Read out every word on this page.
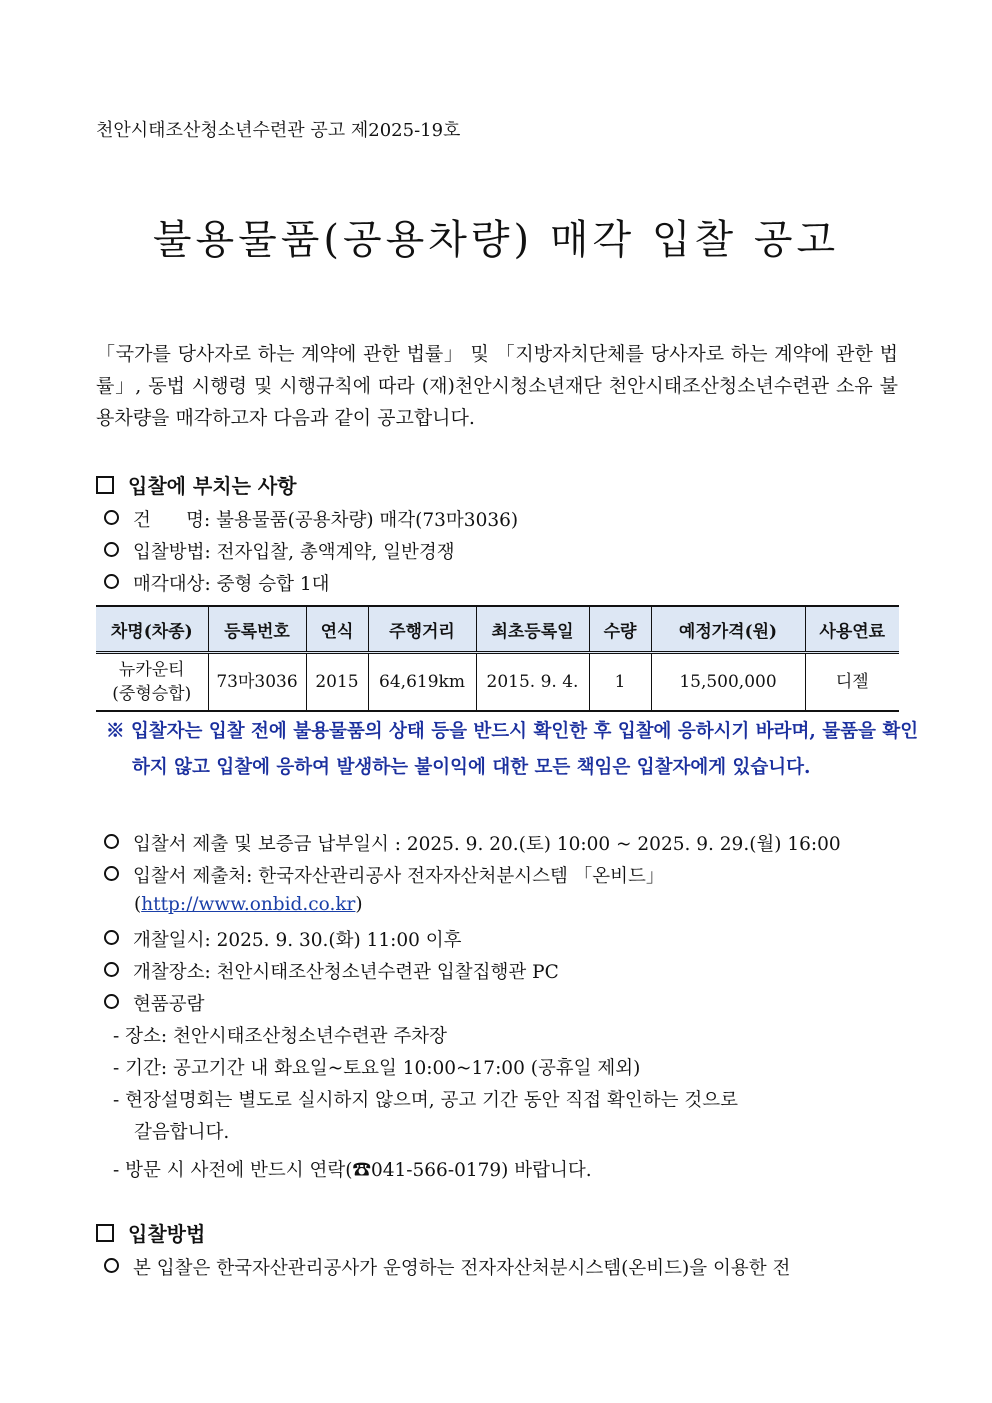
천안시태조산청소년수련관 공고 제2025-19호
불용물품(공용차량) 매각 입찰 공고
「국가를 당사자로 하는 계약에 관한 법률」 및 「지방자치단체를 당사자로 하는 계약에 관한 법률」, 동법 시행령 및 시행규칙에 따라 (재)천안시청소년재단 천안시태조산청소년수련관 소유 불용차량을 매각하고자 다음과 같이 공고합니다.
입찰에 부치는 사항
건      명: 불용물품(공용차량) 매각(73마3036)
입찰방법: 전자입찰, 총액계약, 일반경쟁
매각대상: 중형 승합 1대
차명(차종)	등록번호	연식	주행거리	최초등록일	수량	예정가격(원)	사용연료
뉴카운티
(중형승합)	73마3036	2015	64,619km	2015. 9. 4.	1	15,500,000	디젤
※ 입찰자는 입찰 전에 불용물품의 상태 등을 반드시 확인한 후 입찰에 응하시기 바라며, 물품을 확인하지 않고 입찰에 응하여 발생하는 불이익에 대한 모든 책임은 입찰자에게 있습니다.
입찰서 제출 및 보증금 납부일시 : 2025. 9. 20.(토) 10:00 ~ 2025. 9. 29.(월) 16:00
입찰서 제출처: 한국자산관리공사 전자자산처분시스템 「온비드」
(http://www.onbid.co.kr)
개찰일시: 2025. 9. 30.(화) 11:00 이후
개찰장소: 천안시태조산청소년수련관 입찰집행관 PC
현품공람
- 장소: 천안시태조산청소년수련관 주차장
- 기간: 공고기간 내 화요일~토요일 10:00~17:00 (공휴일 제외)
- 현장설명회는 별도로 실시하지 않으며, 공고 기간 동안 직접 확인하는 것으로
갈음합니다.
- 방문 시 사전에 반드시 연락(☎041-566-0179) 바랍니다.
입찰방법
본 입찰은 한국자산관리공사가 운영하는 전자자산처분시스템(온비드)을 이용한 전
